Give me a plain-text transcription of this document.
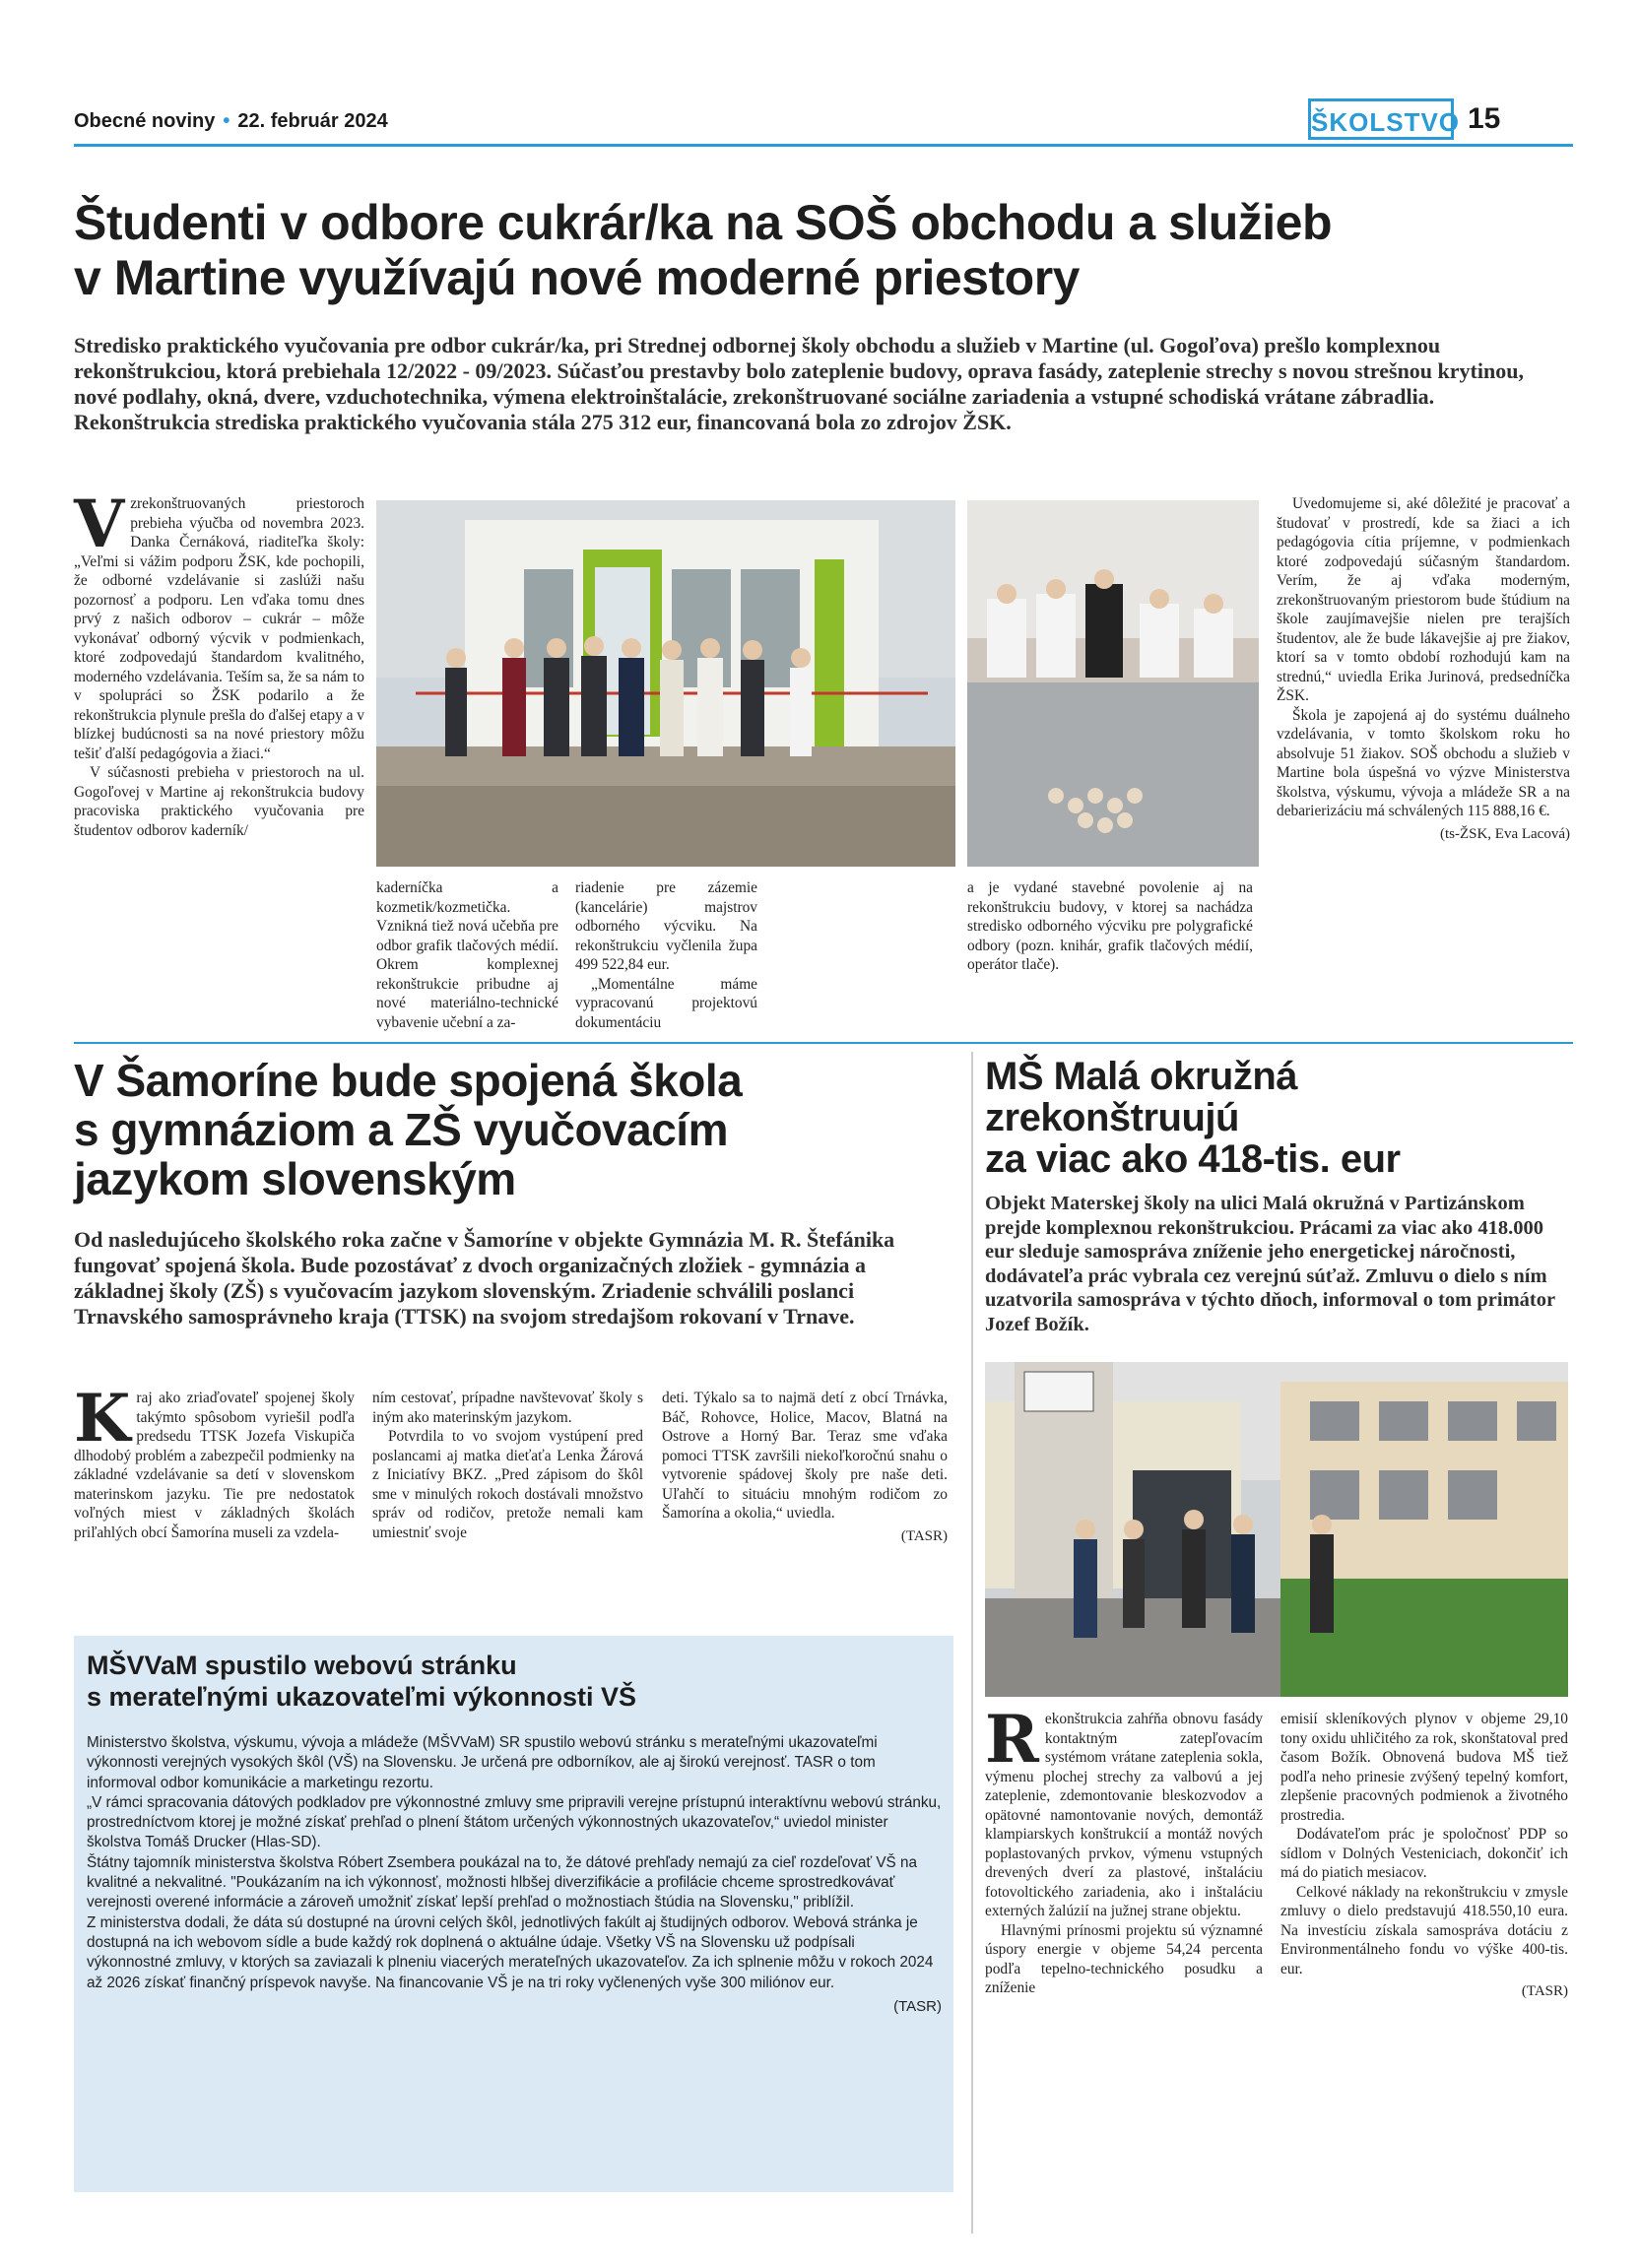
Obecné noviny • 22. február 2024	ŠKOLSTVO 15
Študenti v odbore cukrár/ka na SOŠ obchodu a služieb
v Martine využívajú nové moderné priestory
Stredisko praktického vyučovania pre odbor cukrár/ka, pri Strednej odbornej školy obchodu a služieb v Martine (ul. Gogoľova) prešlo komplexnou rekonštrukciou, ktorá prebiehala 12/2022 - 09/2023. Súčasťou prestavby bolo zateplenie budovy, oprava fasády, zateplenie strechy s novou strešnou krytinou, nové podlahy, okná, dvere, vzduchotechnika, výmena elektroinštalácie, zrekonštruované sociálne zariadenia a vstupné schodiská vrátane zábradlia. Rekonštrukcia strediska praktického vyučovania stála 275 312 eur, financovaná bola zo zdrojov ŽSK.

Vzrekonštruovaných priestoroch prebieha výučba od novembra 2023. Danka Černáková, riaditeľka školy: „Veľmi si vážim podporu ŽSK, kde pochopili, že odborné vzdelávanie si zaslúži našu pozornosť a podporu. Len vďaka tomu dnes prvý z našich odborov – cukrár – môže vykonávať odborný výcvik v podmienkach, ktoré zodpovedajú štandardom kvalitného, moderného vzdelávania. Teším sa, že sa nám to v spolupráci so ŽSK podarilo a že rekonštrukcia plynule prešla do ďalšej etapy a v blízkej budúcnosti sa na nové priestory môžu tešiť ďalší pedagógovia a žiaci.“

V súčasnosti prebieha v priestoroch na ul. Gogoľovej v Martine aj rekonštrukcia budovy pracoviska praktického vyučovania pre študentov odborov kaderník/

kaderníčka a kozmetik/kozmetička. Vznikná tiež nová učebňa pre odbor grafik tlačových médií. Okrem komplexnej rekonštrukcie pribudne aj nové materiálno-technické vybavenie učební a za-

riadenie pre zázemie (kancelárie) majstrov odborného výcviku. Na rekonštrukciu vyčlenila župa 499 522,84 eur.

„Momentálne máme vypracovanú projektovú dokumentáciu

a je vydané stavebné povolenie aj na rekonštrukciu budovy, v ktorej sa nachádza stredisko odborného výcviku pre polygrafické odbory (pozn. knihár, grafik tlačových médií, operátor tlače).

Uvedomujeme si, aké dôležité je pracovať a študovať v prostredí, kde sa žiaci a ich pedagógovia cítia príjemne, v podmienkach ktoré zodpovedajú súčasným štandardom. Verím, že aj vďaka moderným, zrekonštruovaným priestorom bude štúdium na škole zaujímavejšie nielen pre terajších študentov, ale že bude lákavejšie aj pre žiakov, ktorí sa v tomto období rozhodujú kam na strednú,“ uviedla Erika Jurinová, predsedníčka ŽSK.

Škola je zapojená aj do systému duálneho vzdelávania, v tomto školskom roku ho absolvuje 51 žiakov. SOŠ obchodu a služieb v Martine bola úspešná vo výzve Ministerstva školstva, výskumu, vývoja a mládeže SR a na debarierizáciu má schválených 115 888,16 €.

(ts-ŽSK, Eva Lacová)
V Šamoríne bude spojená škola
s gymnáziom a ZŠ vyučovacím
jazykom slovenským
Od nasledujúceho školského roka začne v Šamoríne v objekte Gymnázia M. R. Štefánika fungovať spojená škola. Bude pozostávať z dvoch organizačných zložiek - gymnázia a základnej školy (ZŠ) s vyučovacím jazykom slovenským. Zriadenie schválili poslanci Trnavského samosprávneho kraja (TTSK) na svojom stredajšom rokovaní v Trnave.

Kraj ako zriaďovateľ spojenej školy takýmto spôsobom vyriešil podľa predsedu TTSK Jozefa Viskupiča dlhodobý problém a zabezpečil podmienky na základné vzdelávanie sa detí v slovenskom materinskom jazyku. Tie pre nedostatok voľných miest v základných školách priľahlých obcí Šamorína museli za vzdela-

ním cestovať, prípadne navštevovať školy s iným ako materinským jazykom.

Potvrdila to vo svojom vystúpení pred poslancami aj matka dieťaťa Lenka Žárová z Iniciatívy BKZ. „Pred zápisom do škôl sme v minulých rokoch dostávali množstvo správ od rodičov, pretože nemali kam umiestniť svoje

deti. Týkalo sa to najmä detí z obcí Trnávka, Báč, Rohovce, Holice, Macov, Blatná na Ostrove a Horný Bar. Teraz sme vďaka pomoci TTSK završili niekoľkoročnú snahu o vytvorenie spádovej školy pre naše deti. Uľahčí to situáciu mnohým rodičom zo Šamorína a okolia,“ uviedla.

(TASR)
MŠ Malá okružná
zrekonštruujú
za viac ako 418-tis. eur
Objekt Materskej školy na ulici Malá okružná v Partizánskom prejde komplexnou rekonštrukciou. Prácami za viac ako 418.000 eur sleduje samospráva zníženie jeho energetickej náročnosti, dodávateľa prác vybrala cez verejnú súťaž. Zmluvu o dielo s ním uzatvorila samospráva v týchto dňoch, informoval o tom primátor Jozef Božík.

Rekonštrukcia zahŕňa obnovu fasády kontaktným zatepľovacím systémom vrátane zateplenia sokla, výmenu plochej strechy za valbovú a jej zateplenie, zdemontovanie bleskozvodov a opätovné namontovanie nových, demontáž klampiarskych konštrukcií a montáž nových poplastovaných prvkov, výmenu vstupných drevených dverí za plastové, inštaláciu fotovoltického zariadenia, ako i inštaláciu externých žalúzií na južnej strane objektu.

Hlavnými prínosmi projektu sú významné úspory energie v objeme 54,24 percenta podľa tepelno-technického posudku a zníženie

emisií skleníkových plynov v objeme 29,10 tony oxidu uhličitého za rok, skonštatoval pred časom Božík. Obnovená budova MŠ tiež podľa neho prinesie zvýšený tepelný komfort, zlepšenie pracovných podmienok a životného prostredia.

Dodávateľom prác je spoločnosť PDP so sídlom v Dolných Vesteniciach, dokončiť ich má do piatich mesiacov.

Celkové náklady na rekonštrukciu v zmysle zmluvy o dielo predstavujú 418.550,10 eura. Na investíciu získala samospráva dotáciu z Environmentálneho fondu vo výške 400-tis. eur.

(TASR)
MŠVVaM spustilo webovú stránku
s merateľnými ukazovateľmi výkonnosti VŠ

Ministerstvo školstva, výskumu, vývoja a mládeže (MŠVVaM) SR spustilo webovú stránku s merateľnými ukazovateľmi výkonnosti verejných vysokých škôl (VŠ) na Slovensku. Je určená pre odborníkov, ale aj širokú verejnosť. TASR o tom informoval odbor komunikácie a marketingu rezortu.

„V rámci spracovania dátových podkladov pre výkonnostné zmluvy sme pripravili verejne prístupnú interaktívnu webovú stránku, prostredníctvom ktorej je možné získať prehľad o plnení štátom určených výkonnostných ukazovateľov,“ uviedol minister školstva Tomáš Drucker (Hlas-SD).

Štátny tajomník ministerstva školstva Róbert Zsembera poukázal na to, že dátové prehľady nemajú za cieľ rozdeľovať VŠ na kvalitné a nekvalitné. "Poukázaním na ich výkonnosť, možnosti hlbšej diverzifikácie a profilácie chceme sprostredkovávať verejnosti overené informácie a zároveň umožniť získať lepší prehľad o možnostiach štúdia na Slovensku," priblížil.

Z ministerstva dodali, že dáta sú dostupné na úrovni celých škôl, jednotlivých fakúlt aj študijných odborov. Webová stránka je dostupná na ich webovom sídle a bude každý rok doplnená o aktuálne údaje. Všetky VŠ na Slovensku už podpísali výkonnostné zmluvy, v ktorých sa zaviazali k plneniu viacerých merateľných ukazovateľov. Za ich splnenie môžu v rokoch 2024 až 2026 získať finančný príspevok navyše. Na financovanie VŠ je na tri roky vyčlenených vyše 300 miliónov eur.

(TASR)
